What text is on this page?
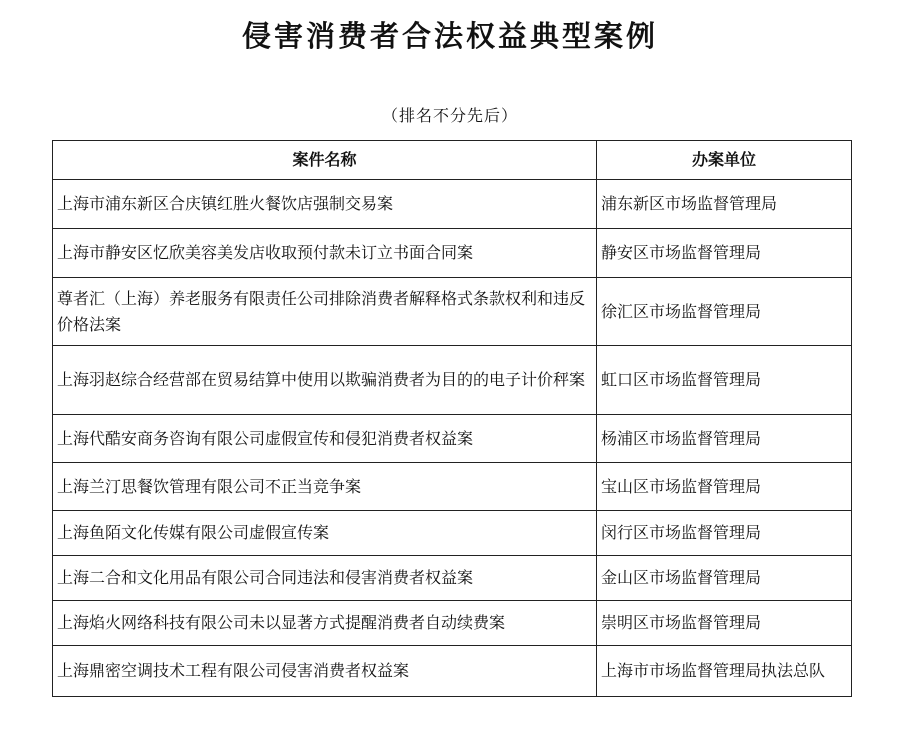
侵害消费者合法权益典型案例
（排名不分先后）
案件名称	办案单位
上海市浦东新区合庆镇红胜火餐饮店强制交易案	浦东新区市场监督管理局
上海市静安区忆欣美容美发店收取预付款未订立书面合同案	静安区市场监督管理局
尊者汇（上海）养老服务有限责任公司排除消费者解释格式条款权利和违反价格法案	徐汇区市场监督管理局
上海羽赵综合经营部在贸易结算中使用以欺骗消费者为目的的电子计价秤案	虹口区市场监督管理局
上海代酷安商务咨询有限公司虚假宣传和侵犯消费者权益案	杨浦区市场监督管理局
上海兰汀思餐饮管理有限公司不正当竞争案	宝山区市场监督管理局
上海鱼陌文化传媒有限公司虚假宣传案	闵行区市场监督管理局
上海二合和文化用品有限公司合同违法和侵害消费者权益案	金山区市场监督管理局
上海焰火网络科技有限公司未以显著方式提醒消费者自动续费案	崇明区市场监督管理局
上海鼎密空调技术工程有限公司侵害消费者权益案	上海市市场监督管理局执法总队
